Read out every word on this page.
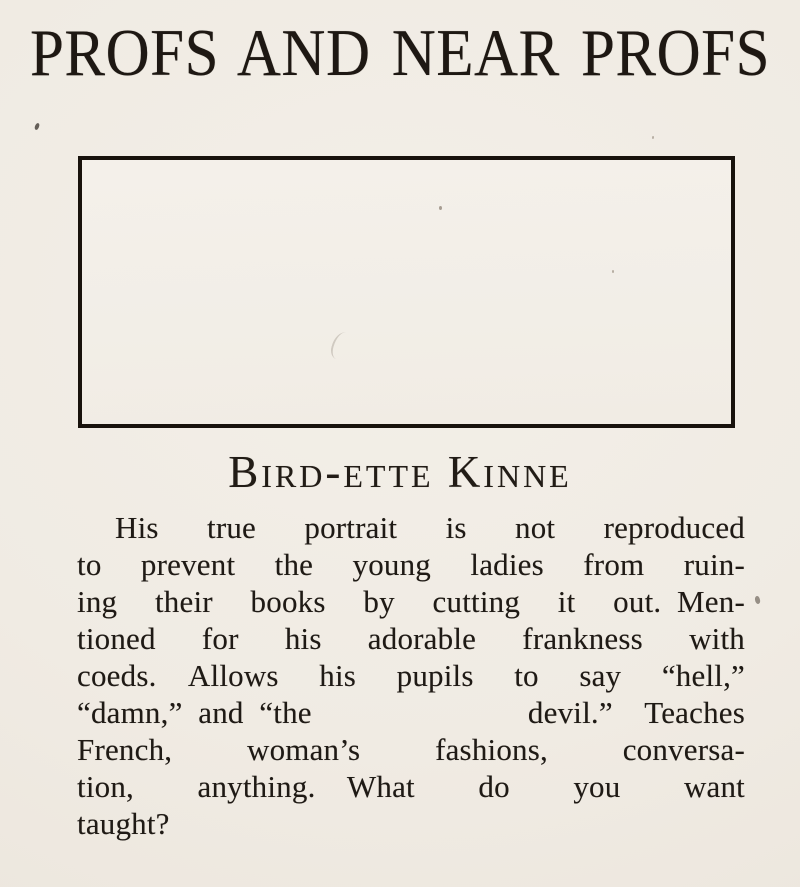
PROFS AND NEAR PROFS

Bird-ette Kinne

His true portrait is not reproduced
to prevent the young ladies from ruin-
ing their books by cutting it out. Men-
tioned for his adorable frankness with
coeds.  Allows his pupils to say “hell,”
“damn,” and “the devil.”  Teaches
French, woman’s fashions, conversa-
tion, anything.  What do you want
taught?
